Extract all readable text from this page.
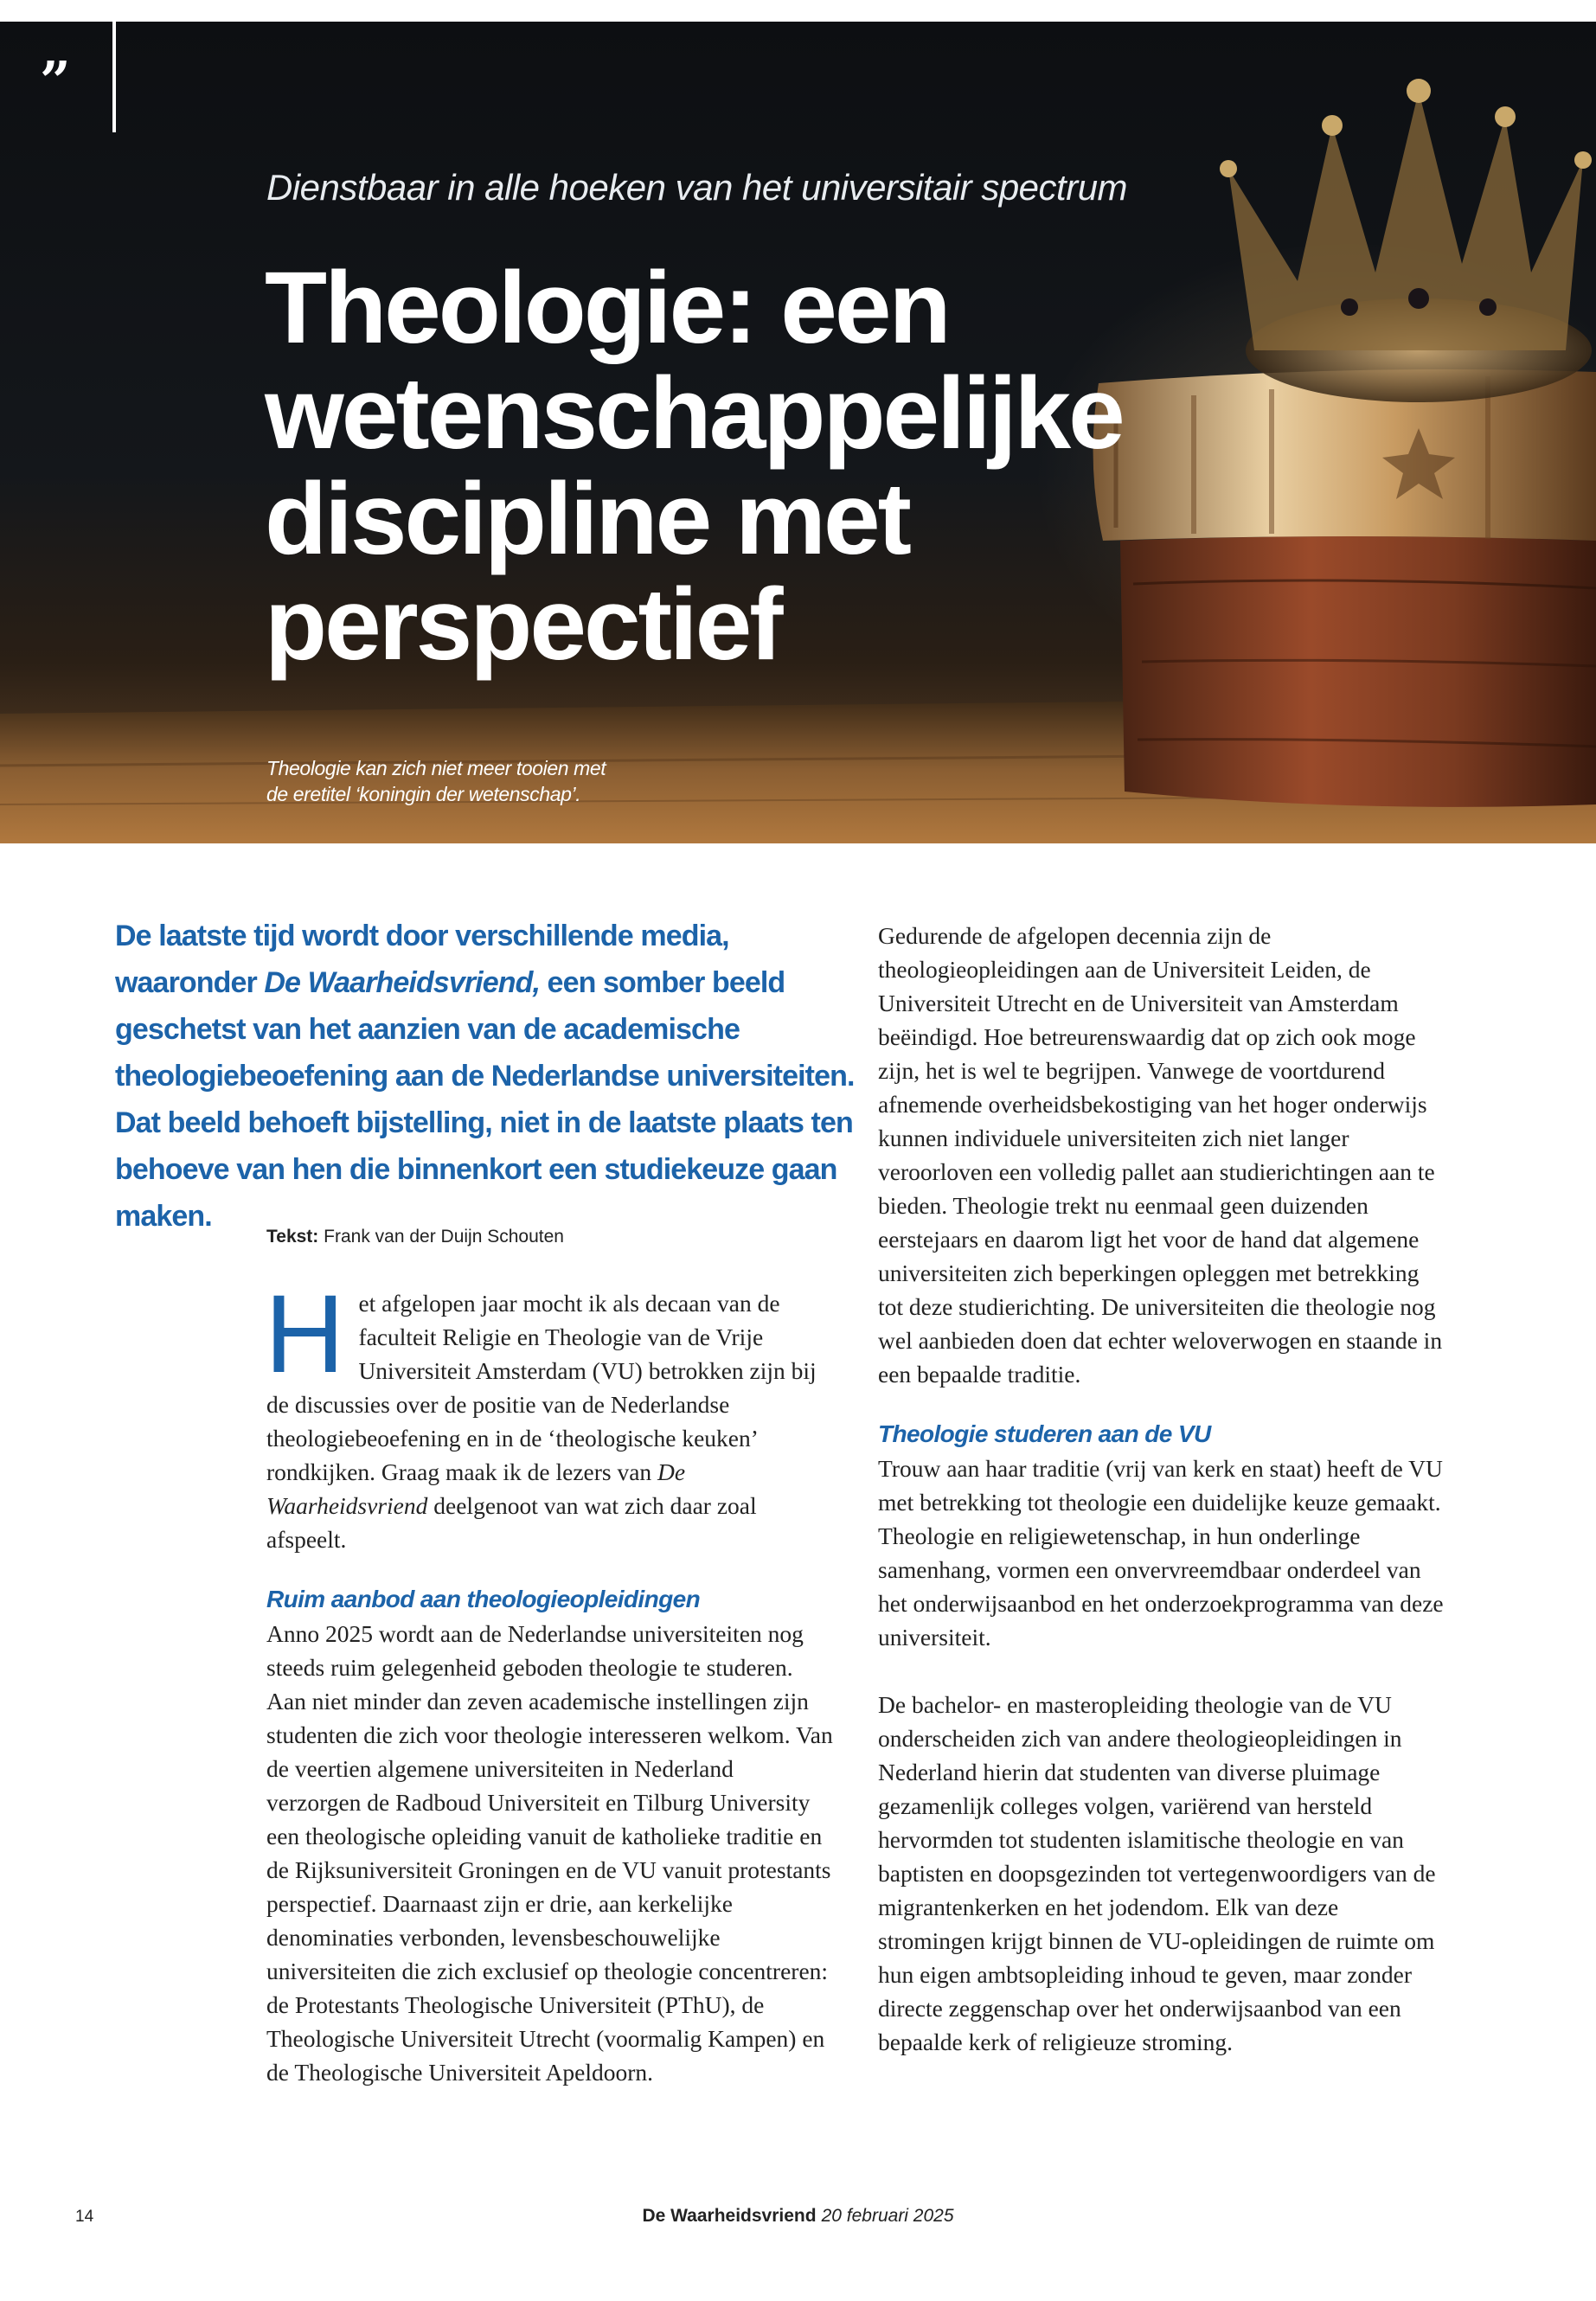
”
Dienstbaar in alle hoeken van het universitair spectrum
Theologie: een
wetenschappelijke
discipline met
perspectief
Theologie kan zich niet meer tooien met
de eretitel ‘koningin der wetenschap’.

De laatste tijd wordt door verschillende media, waaronder De Waarheidsvriend, een somber beeld geschetst van het aanzien van de academische theologiebeoefening aan de Nederlandse universiteiten. Dat beeld behoeft bijstelling, niet in de laatste plaats ten behoeve van hen die binnenkort een studiekeuze gaan maken.

Tekst: Frank van der Duijn Schouten

Het afgelopen jaar mocht ik als decaan van de faculteit Religie en Theologie van de Vrije Universiteit Amsterdam (VU) betrokken zijn bij de discussies over de positie van de Nederlandse theologiebeoefening en in de ‘theologische keuken’ rondkijken. Graag maak ik de lezers van De Waarheidsvriend deelgenoot van wat zich daar zoal afspeelt.

Ruim aanbod aan theologieopleidingen

Anno 2025 wordt aan de Nederlandse universiteiten nog steeds ruim gelegenheid geboden theologie te studeren. Aan niet minder dan zeven academische instellingen zijn studenten die zich voor theologie interesseren welkom. Van de veertien algemene universiteiten in Nederland verzorgen de Radboud Universiteit en Tilburg University een theologische opleiding vanuit de katholieke traditie en de Rijksuniversiteit Groningen en de VU vanuit protestants perspectief. Daarnaast zijn er drie, aan kerkelijke denominaties verbonden, levensbeschouwelijke universiteiten die zich exclusief op theologie concentreren: de Protestants Theologische Universiteit (PThU), de Theologische Universiteit Utrecht (voormalig Kampen) en de Theologische Universiteit Apeldoorn.

Gedurende de afgelopen decennia zijn de theologieopleidingen aan de Universiteit Leiden, de Universiteit Utrecht en de Universiteit van Amsterdam beëindigd. Hoe betreurenswaardig dat op zich ook moge zijn, het is wel te begrijpen. Vanwege de voortdurend afnemende overheidsbekostiging van het hoger onderwijs kunnen individuele universiteiten zich niet langer veroorloven een volledig pallet aan studierichtingen aan te bieden. Theologie trekt nu eenmaal geen duizenden eerstejaars en daarom ligt het voor de hand dat algemene universiteiten zich beperkingen opleggen met betrekking tot deze studierichting. De universiteiten die theologie nog wel aanbieden doen dat echter weloverwogen en staande in een bepaalde traditie.

Theologie studeren aan de VU

Trouw aan haar traditie (vrij van kerk en staat) heeft de VU met betrekking tot theologie een duidelijke keuze gemaakt. Theologie en religiewetenschap, in hun onderlinge samenhang, vormen een onvervreemdbaar onderdeel van het onderwijsaanbod en het onderzoekprogramma van deze universiteit.

De bachelor- en masteropleiding theologie van de VU onderscheiden zich van andere theologieopleidingen in Nederland hierin dat studenten van diverse pluimage gezamenlijk colleges volgen, variërend van hersteld hervormden tot studenten islamitische theologie en van baptisten en doopsgezinden tot vertegenwoordigers van de migrantenkerken en het jodendom. Elk van deze stromingen krijgt binnen de VU-opleidingen de ruimte om hun eigen ambtsopleiding inhoud te geven, maar zonder directe zeggenschap over het onderwijsaanbod van een bepaalde kerk of religieuze stroming.

14	De Waarheidsvriend 20 februari 2025
